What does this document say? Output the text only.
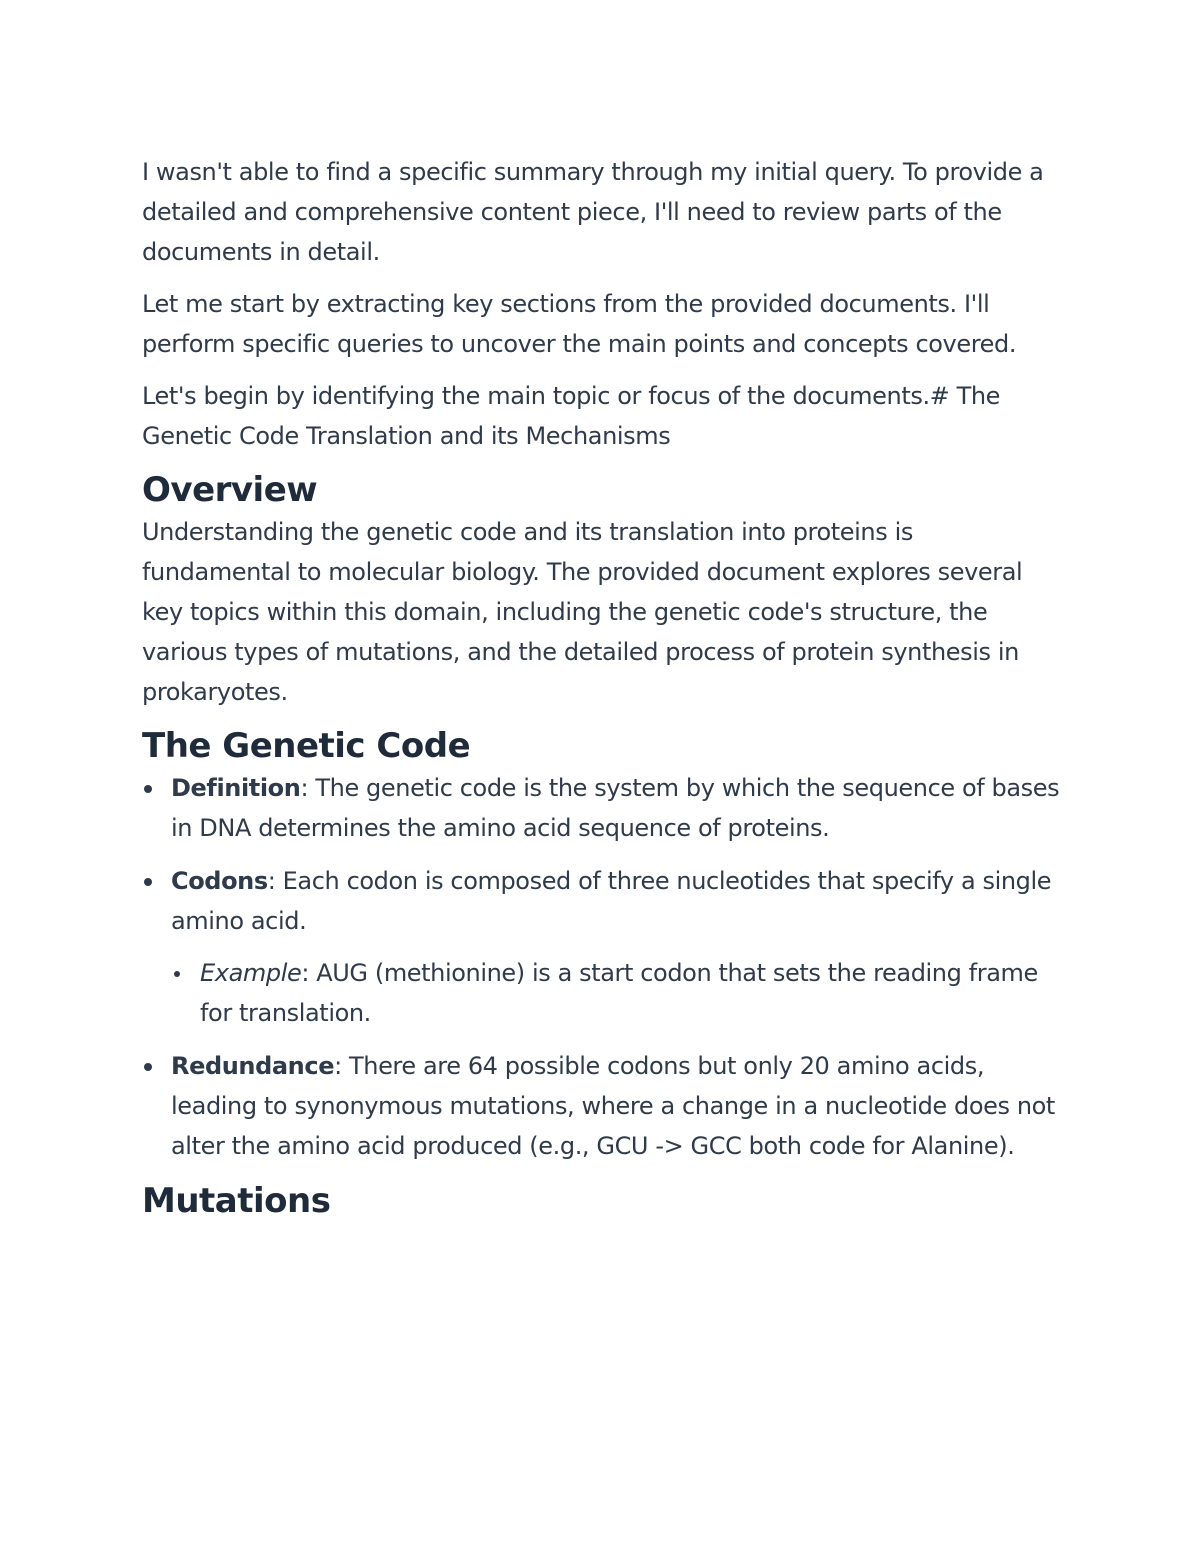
I wasn't able to find a specific summary through my initial query. To provide a detailed and comprehensive content piece, I'll need to review parts of the documents in detail.

Let me start by extracting key sections from the provided documents. I'll perform specific queries to uncover the main points and concepts covered.

Let's begin by identifying the main topic or focus of the documents.# The Genetic Code Translation and its Mechanisms

Overview

Understanding the genetic code and its translation into proteins is fundamental to molecular biology. The provided document explores several key topics within this domain, including the genetic code's structure, the various types of mutations, and the detailed process of protein synthesis in prokaryotes.

The Genetic Code
Definition: The genetic code is the system by which the sequence of bases in DNA determines the amino acid sequence of proteins.
Codons: Each codon is composed of three nucleotides that specify a single amino acid.
Example: AUG (methionine) is a start codon that sets the reading frame for translation.
Redundance: There are 64 possible codons but only 20 amino acids, leading to synonymous mutations, where a change in a nucleotide does not alter the amino acid produced (e.g., GCU -> GCC both code for Alanine).
Mutations
